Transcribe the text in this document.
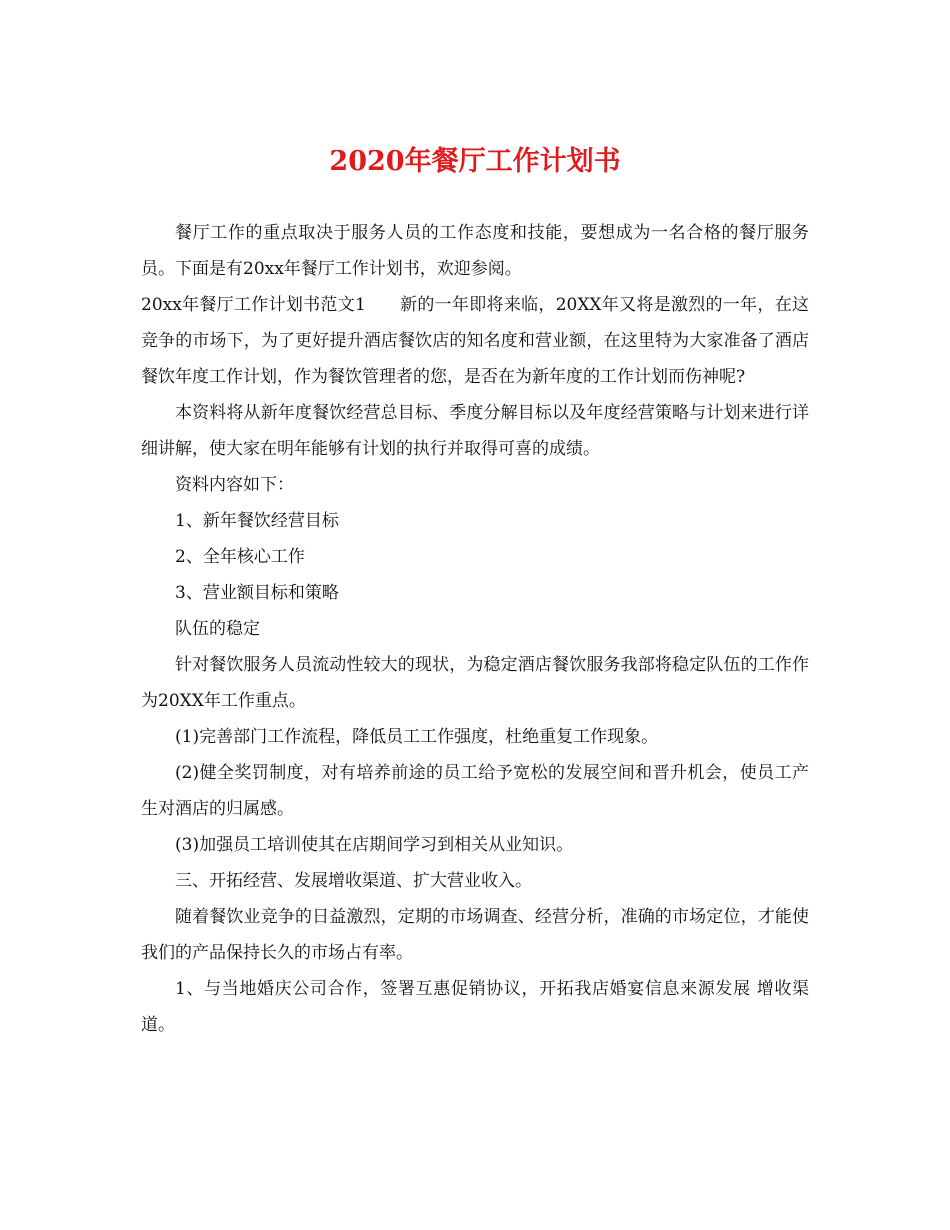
2020年餐厅工作计划书

餐厅工作的重点取决于服务人员的工作态度和技能，要想成为一名合格的餐厅服务员。下面是有20xx年餐厅工作计划书，欢迎参阅。

20xx年餐厅工作计划书范文1 新的一年即将来临，20XX年又将是激烈的一年，在这竞争的市场下，为了更好提升酒店餐饮店的知名度和营业额，在这里特为大家准备了酒店餐饮年度工作计划，作为餐饮管理者的您，是否在为新年度的工作计划而伤神呢?

本资料将从新年度餐饮经营总目标、季度分解目标以及年度经营策略与计划来进行详细讲解，使大家在明年能够有计划的执行并取得可喜的成绩。

资料内容如下：

1、新年餐饮经营目标

2、全年核心工作

3、营业额目标和策略

队伍的稳定

针对餐饮服务人员流动性较大的现状，为稳定酒店餐饮服务我部将稳定队伍的工作作为20XX年工作重点。

(1)完善部门工作流程，降低员工工作强度，杜绝重复工作现象。

(2)健全奖罚制度，对有培养前途的员工给予宽松的发展空间和晋升机会，使员工产生对酒店的归属感。

(3)加强员工培训使其在店期间学习到相关从业知识。

三、开拓经营、发展增收渠道、扩大营业收入。

随着餐饮业竞争的日益激烈，定期的市场调查、经营分析，准确的市场定位，才能使我们的产品保持长久的市场占有率。

1、与当地婚庆公司合作，签署互惠促销协议，开拓我店婚宴信息来源发展 增收渠道。
